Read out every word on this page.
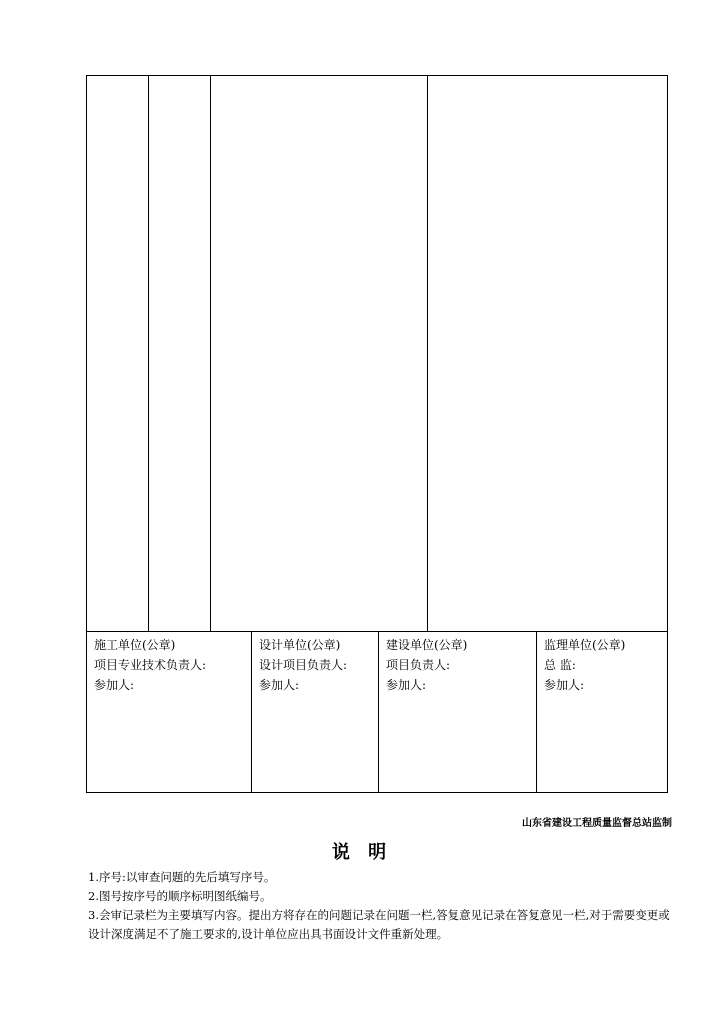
施工单位(公章)
项目专业技术负责人:
参加人:
设计单位(公章)
设计项目负责人:
参加人:
建设单位(公章)
项目负责人:
参加人:
监理单位(公章)
总 监:
参加人:
山东省建设工程质量监督总站监制
说 明

1.序号:以审查问题的先后填写序号。

2.图号按序号的顺序标明图纸编号。

3.会审记录栏为主要填写内容。提出方将存在的问题记录在问题一栏,答复意见记录在答复意见一栏,对于需要变更或设计深度满足不了施工要求的,设计单位应出具书面设计文件重新处理。
